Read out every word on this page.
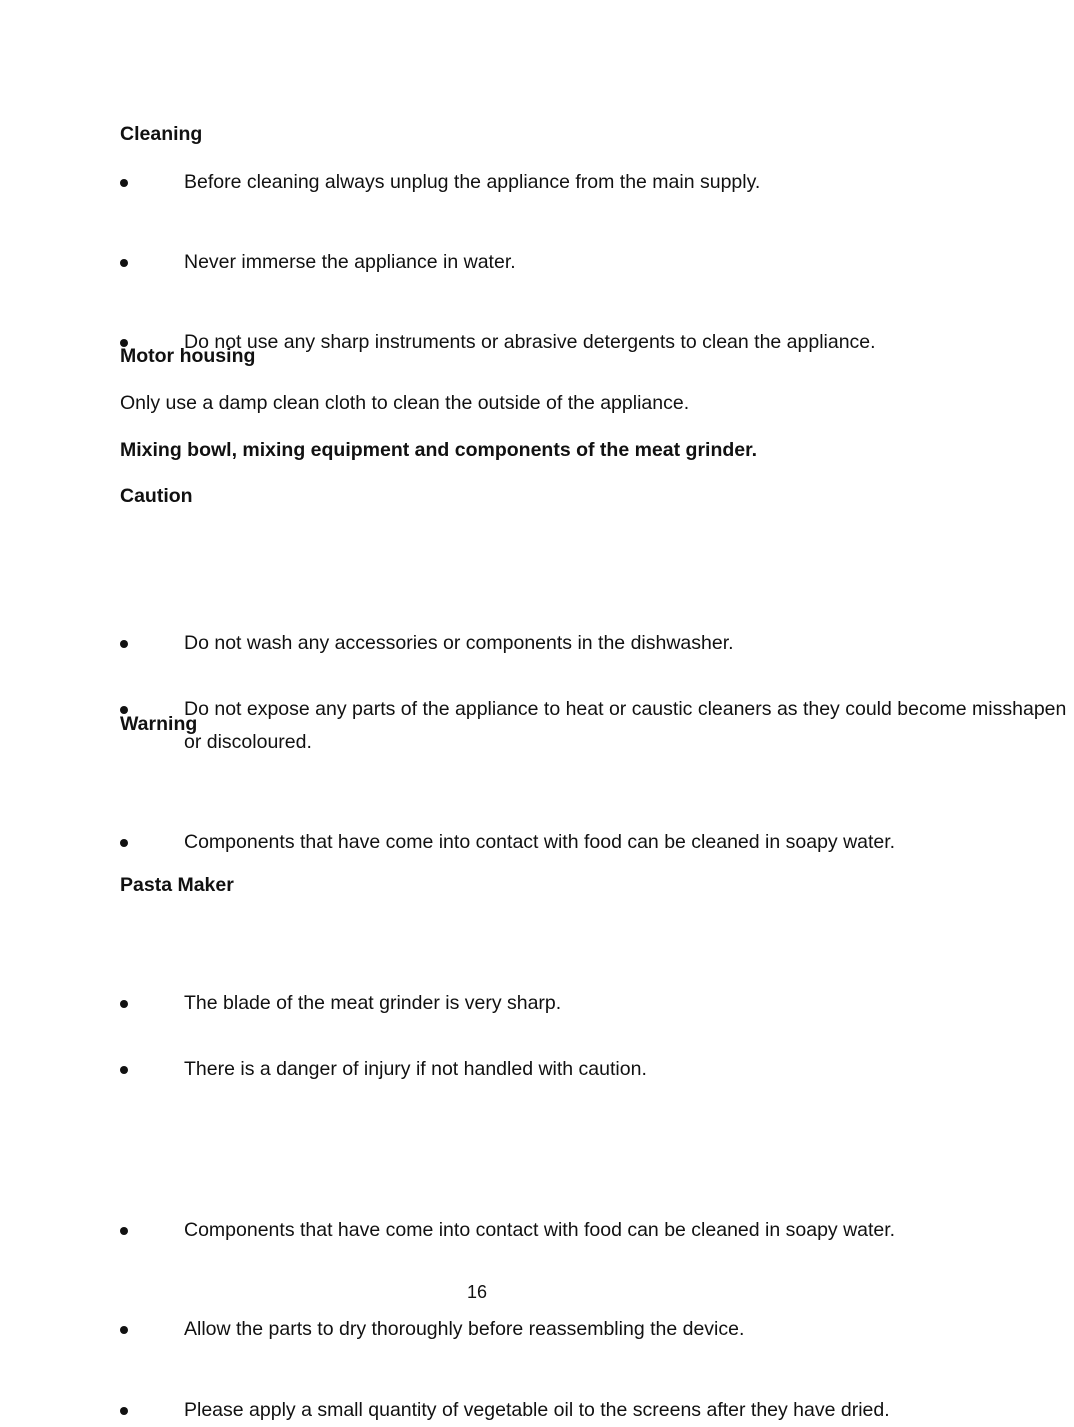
Cleaning
Before cleaning always unplug the appliance from the main supply.
Never immerse the appliance in water.
Do not use any sharp instruments or abrasive detergents to clean the appliance.
Motor housing
Only use a damp clean cloth to clean the outside of the appliance.
Mixing bowl, mixing equipment and components of the meat grinder.
Caution
Do not wash any accessories or components in the dishwasher.
Do not expose any parts of the appliance to heat or caustic cleaners as they could become misshapen or discoloured.
Components that have come into contact with food can be cleaned in soapy water.
Warning
The blade of the meat grinder is very sharp.
There is a danger of injury if not handled with caution.
Pasta Maker
Components that have come into contact with food can be cleaned in soapy water.
Allow the parts to dry thoroughly before reassembling the device.
Please apply a small quantity of vegetable oil to the screens after they have dried.
16
